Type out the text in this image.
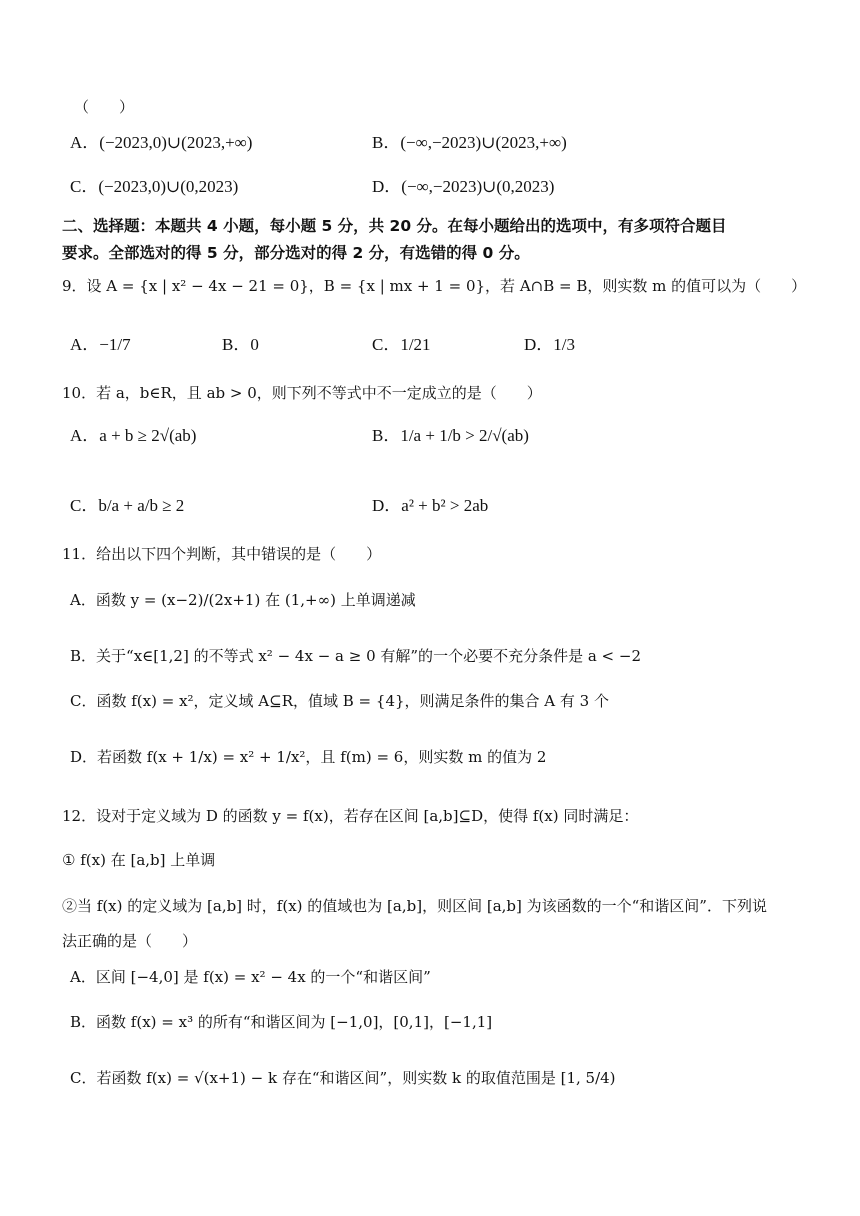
（　　）
A．(−2023,0)∪(2023,+∞)	B．(−∞,−2023)∪(2023,+∞)
C．(−2023,0)∪(0,2023)	D．(−∞,−2023)∪(0,2023)
二、选择题：本题共 4 小题，每小题 5 分，共 20 分。在每小题给出的选项中，有多项符合题目
要求。全部选对的得 5 分，部分选对的得 2 分，有选错的得 0 分。
9．设 A = {x | x² − 4x − 21 = 0}，B = {x | mx + 1 = 0}，若 A∩B = B，则实数 m 的值可以为（　　）
A．−1/7	B．0	C．1/21	D．1/3
10．若 a，b∈R，且 ab > 0，则下列不等式中不一定成立的是（　　）
A．a + b ≥ 2√(ab)	B．1/a + 1/b > 2/√(ab)
C．b/a + a/b ≥ 2	D．a² + b² > 2ab
11．给出以下四个判断，其中错误的是（　　）
A．函数 y = (x−2)/(2x+1) 在 (1,+∞) 上单调递减
B．关于“x∈[1,2] 的不等式 x² − 4x − a ≥ 0 有解”的一个必要不充分条件是 a < −2
C．函数 f(x) = x²，定义域 A⊆R，值域 B = {4}，则满足条件的集合 A 有 3 个
D．若函数 f(x + 1/x) = x² + 1/x²，且 f(m) = 6，则实数 m 的值为 2
12．设对于定义域为 D 的函数 y = f(x)，若存在区间 [a,b]⊆D，使得 f(x) 同时满足：
① f(x) 在 [a,b] 上单调
②当 f(x) 的定义域为 [a,b] 时，f(x) 的值域也为 [a,b]，则区间 [a,b] 为该函数的一个“和谐区间”．下列说
法正确的是（　　）
A．区间 [−4,0] 是 f(x) = x² − 4x 的一个“和谐区间”
B．函数 f(x) = x³ 的所有“和谐区间为 [−1,0]，[0,1]，[−1,1]
C．若函数 f(x) = √(x+1) − k 存在“和谐区间”，则实数 k 的取值范围是 [1, 5/4)
